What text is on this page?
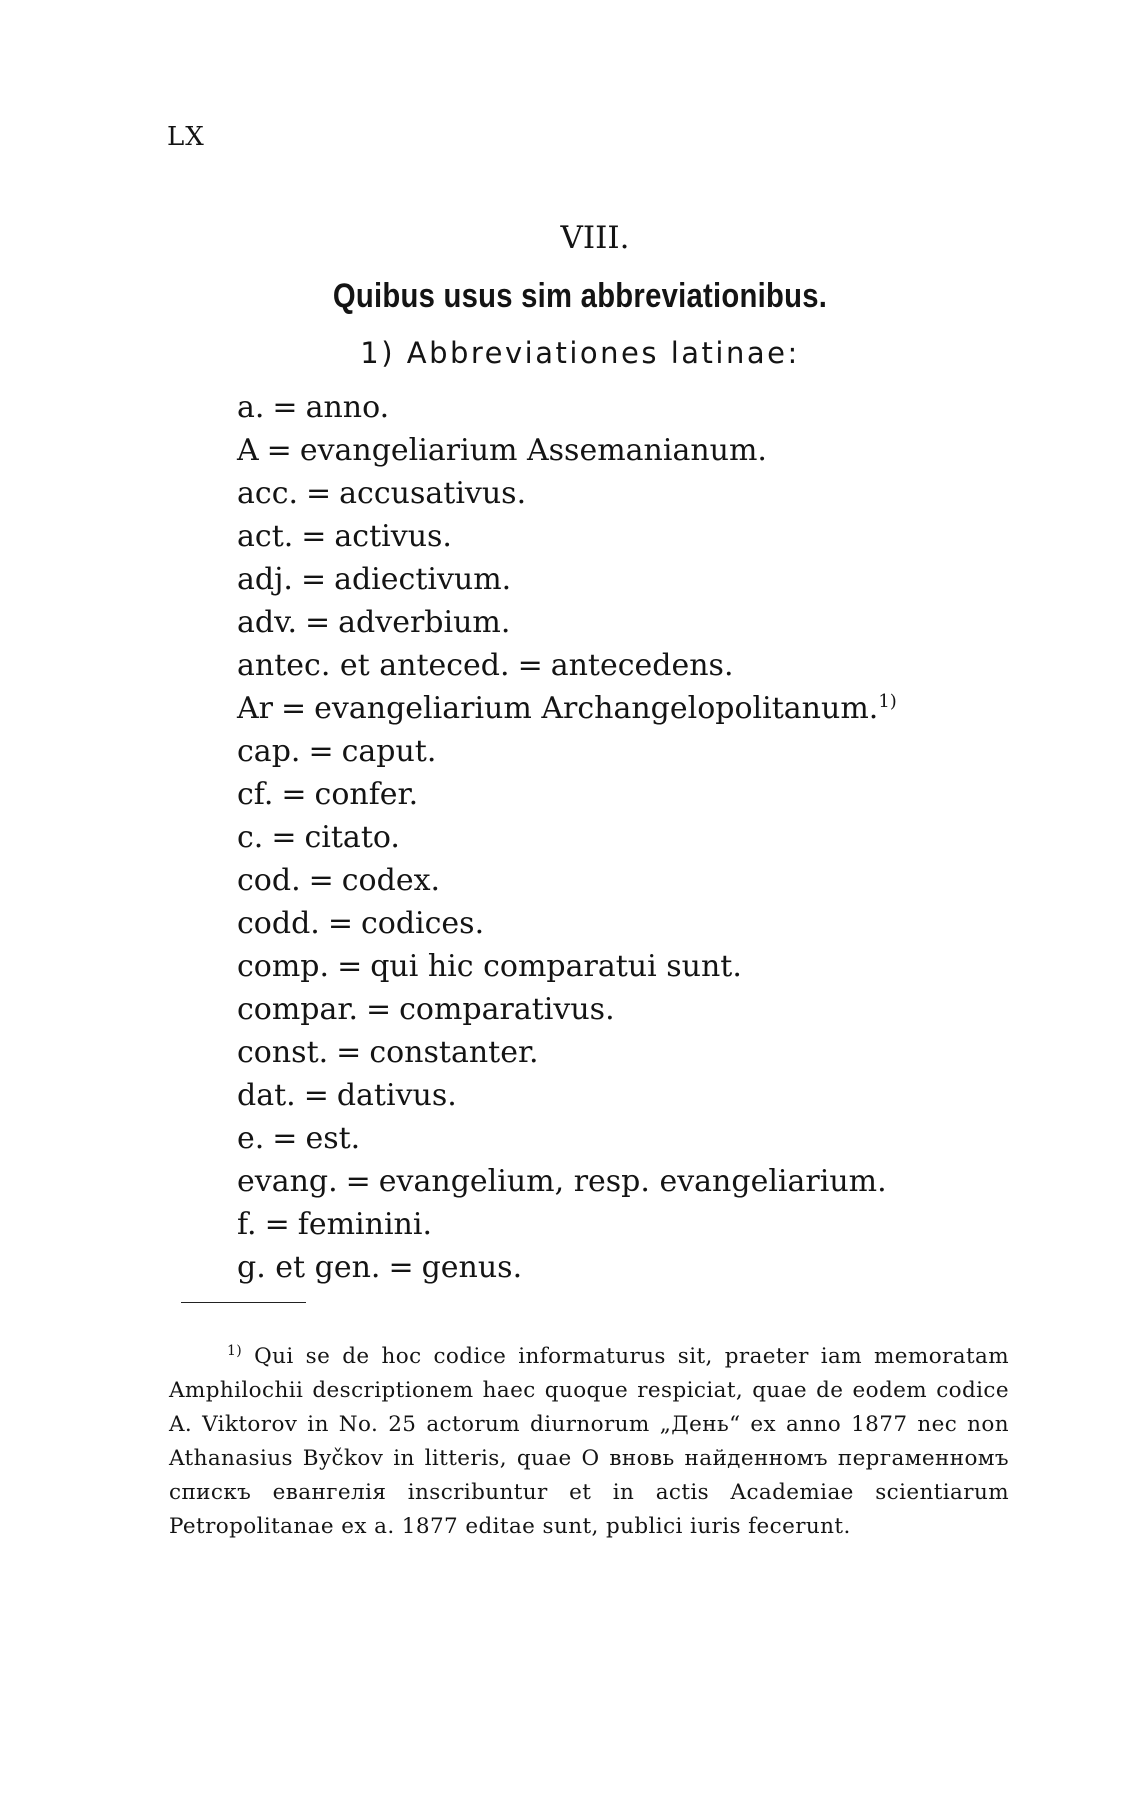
LX
VIII.
Quibus usus sim abbreviationibus.
1) Abbreviationes latinae:
a. = anno.
A = evangeliarium Assemanianum.
acc. = accusativus.
act. = activus.
adj. = adiectivum.
adv. = adverbium.
antec. et anteced. = antecedens.
Ar = evangeliarium Archangelopolitanum.$^{1)}$
cap. = caput.
cf. = confer.
c. = citato.
cod. = codex.
codd. = codices.
comp. = qui hic comparatui sunt.
compar. = comparativus.
const. = constanter.
dat. = dativus.
e. = est.
evang. = evangelium, resp. evangeliarium.
f. = feminini.
g. et gen. = genus.

$^{1)}$ Qui se de hoc codice informaturus sit, praeter iam memoratam Amphilochii descriptionem haec quoque respiciat, quae de eodem codice A. Viktorov in No. 25 actorum diurnorum „День“ ex anno 1877 nec non Athanasius Byčkov in litteris, quae О вновь найденномъ пергаменномъ спискъ евангелія inscribuntur et in actis Academiae scientiarum Petropolitanae ex a. 1877 editae sunt, publici iuris fecerunt.
